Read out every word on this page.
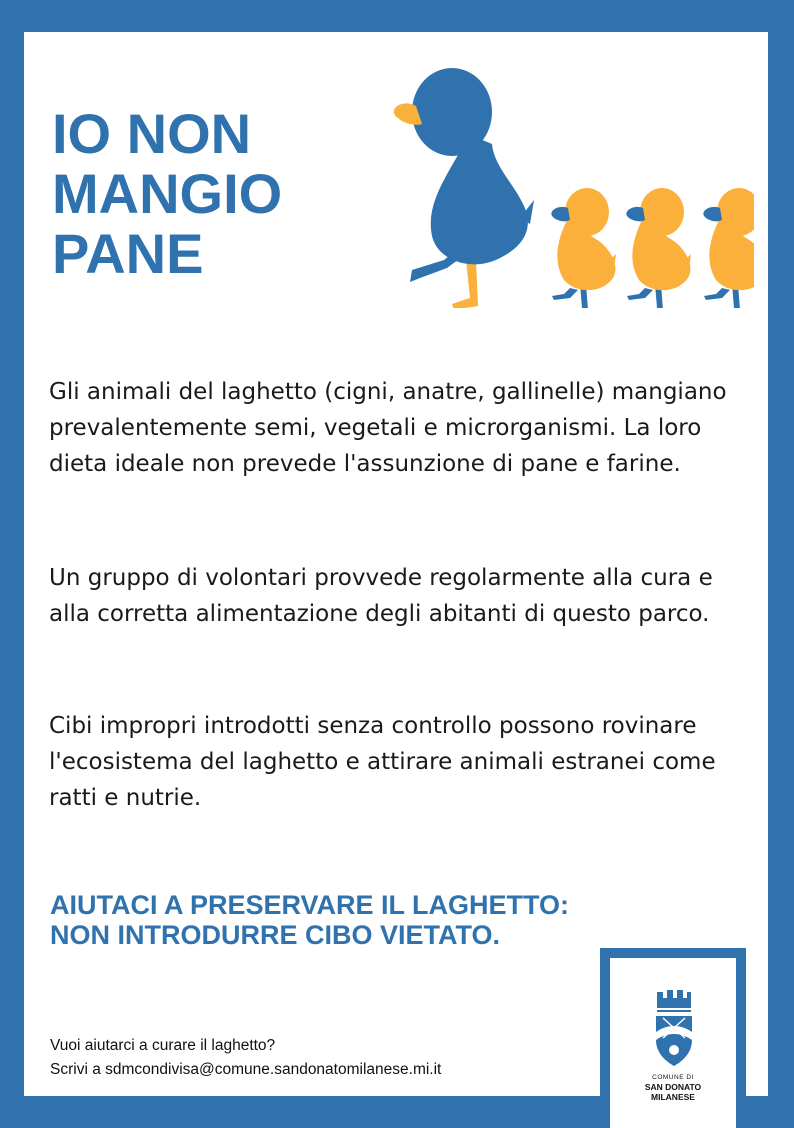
IO NON
MANGIO
PANE

Gli animali del laghetto (cigni, anatre, gallinelle) mangiano prevalentemente semi, vegetali e microrganismi. La loro dieta ideale non prevede l'assunzione di pane e farine.

Un gruppo di volontari provvede regolarmente alla cura e alla corretta alimentazione degli abitanti di questo parco.

Cibi impropri introdotti senza controllo possono rovinare l'ecosistema del laghetto e attirare animali estranei come ratti e nutrie.

AIUTACI A PRESERVARE IL LAGHETTO:
NON INTRODURRE CIBO VIETATO.
Vuoi aiutarci a curare il laghetto?
Scrivi a sdmcondivisa@comune.sandonatomilanese.mi.it	COMUNE DI
SAN DONATO
MILANESE
